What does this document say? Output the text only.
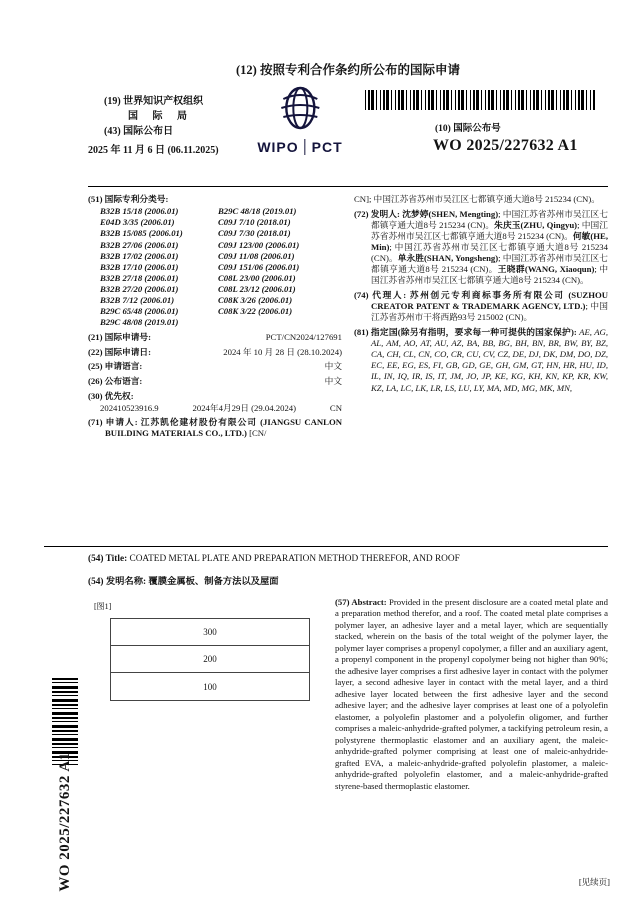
WO 2025/227632 A1
(12) 按照专利合作条约所公布的国际申请
(19) 世界知识产权组织
国 际 局
(43) 国际公布日
2025 年 11 月 6 日 (06.11.2025)	WIPO PCT
(10) 国际公布号
WO 2025/227632 A1
(51) 国际专利分类号:
B32B 15/18 (2006.01)	B29C 48/18 (2019.01)
E04D 3/35 (2006.01)	C09J 7/10 (2018.01)
B32B 15/085 (2006.01)	C09J 7/30 (2018.01)
B32B 27/06 (2006.01)	C09J 123/00 (2006.01)
B32B 17/02 (2006.01)	C09J 11/08 (2006.01)
B32B 17/10 (2006.01)	C09J 151/06 (2006.01)
B32B 27/18 (2006.01)	C08L 23/00 (2006.01)
B32B 27/20 (2006.01)	C08L 23/12 (2006.01)
B32B 7/12 (2006.01)	C08K 3/26 (2006.01)
B29C 65/48 (2006.01)	C08K 3/22 (2006.01)
B29C 48/08 (2019.01)
(21) 国际申请号:	PCT/CN2024/127691
(22) 国际申请日:	2024 年 10 月 28 日 (28.10.2024)
(25) 申请语言:	中文
(26) 公布语言:	中文
(30) 优先权:
202410523916.9	2024年4月29日 (29.04.2024)	CN

(71) 申请人: 江苏凯伦建材股份有限公司 (JIANGSU CANLON BUILDING MATERIALS CO., LTD.) [CN/

CN]; 中国江苏省苏州市吴江区七都镇亨通大道8号 215234 (CN)。

(72) 发明人: 沈梦婷(SHEN, Mengting); 中国江苏省苏州市吴江区七都镇亨通大道8号 215234 (CN)。朱庆玉(ZHU, Qingyu); 中国江苏省苏州市吴江区七都镇亨通大道8号 215234 (CN)。何敏(HE, Min); 中国江苏省苏州市吴江区七都镇亨通大道8号 215234 (CN)。单永胜(SHAN, Yongsheng); 中国江苏省苏州市吴江区七都镇亨通大道8号 215234 (CN)。王晓群(WANG, Xiaoqun); 中国江苏省苏州市吴江区七都镇亨通大道8号 215234 (CN)。

(74) 代理人: 苏州创元专利商标事务所有限公司 (SUZHOU CREATOR PATENT & TRADEMARK AGENCY, LTD.); 中国江苏省苏州市干将西路93号 215002 (CN)。

(81) 指定国(除另有指明，要求每一种可提供的国家保护): AE, AG, AL, AM, AO, AT, AU, AZ, BA, BB, BG, BH, BN, BR, BW, BY, BZ, CA, CH, CL, CN, CO, CR, CU, CV, CZ, DE, DJ, DK, DM, DO, DZ, EC, EE, EG, ES, FI, GB, GD, GE, GH, GM, GT, HN, HR, HU, ID, IL, IN, IQ, IR, IS, IT, JM, JO, JP, KE, KG, KH, KN, KP, KR, KW, KZ, LA, LC, LK, LR, LS, LU, LY, MA, MD, MG, MK, MN,

(54) Title: COATED METAL PLATE AND PREPARATION METHOD THEREFOR, AND ROOF
(54) 发明名称: 覆膜金属板、制备方法以及屋面
[图1]
300
200
100

(57) Abstract: Provided in the present disclosure are a coated metal plate and a preparation method therefor, and a roof. The coated metal plate comprises a polymer layer, an adhesive layer and a metal layer, which are sequentially stacked, wherein on the basis of the total weight of the polymer layer, the polymer layer comprises a propenyl copolymer, a filler and an auxiliary agent, a propenyl component in the propenyl copolymer being not higher than 90%; the adhesive layer comprises a first adhesive layer in contact with the polymer layer, a second adhesive layer in contact with the metal layer, and a third adhesive layer located between the first adhesive layer and the second adhesive layer; and the adhesive layer comprises at least one of a polyolefin elastomer, a polyolefin plastomer and a polyolefin oligomer, and further comprises a maleic-anhydride-grafted polymer, a tackifying petroleum resin, a polystyrene thermoplastic elastomer and an auxiliary agent, the maleic-anhydride-grafted polymer comprising at least one of maleic-anhydride-grafted EVA, a maleic-anhydride-grafted polyolefin plastomer, a maleic-anhydride-grafted polyolefin elastomer, and a maleic-anhydride-grafted styrene-based thermoplastic elastomer.

[见续页]
